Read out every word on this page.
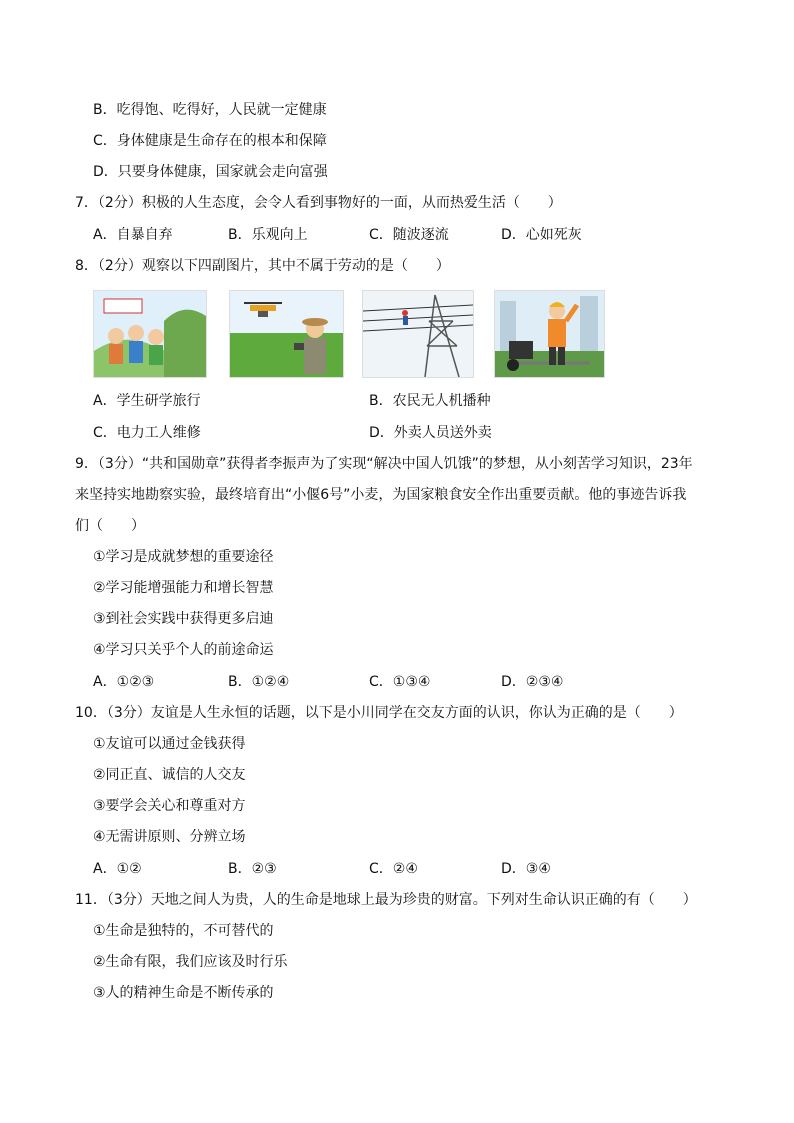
B．吃得饱、吃得好，人民就一定健康
C．身体健康是生命存在的根本和保障
D．只要身体健康，国家就会走向富强
7．（2分）积极的人生态度，会令人看到事物好的一面，从而热爱生活（　　）
A．自暴自弃	B．乐观向上	C．随波逐流	D．心如死灰
8．（2分）观察以下四副图片，其中不属于劳动的是（　　）
A．学生研学旅行	B．农民无人机播种
C．电力工人维修	D．外卖人员送外卖
9．（3分）“共和国勋章”获得者李振声为了实现“解决中国人饥饿”的梦想，从小刻苦学习知识，23年
来坚持实地勘察实验，最终培育出“小偃6号”小麦，为国家粮食安全作出重要贡献。他的事迹告诉我
们（　　）
①学习是成就梦想的重要途径
②学习能增强能力和增长智慧
③到社会实践中获得更多启迪
④学习只关乎个人的前途命运
A．①②③	B．①②④	C．①③④	D．②③④
10．（3分）友谊是人生永恒的话题，以下是小川同学在交友方面的认识，你认为正确的是（　　）
①友谊可以通过金钱获得
②同正直、诚信的人交友
③要学会关心和尊重对方
④无需讲原则、分辨立场
A．①②	B．②③	C．②④	D．③④
11．（3分）天地之间人为贵，人的生命是地球上最为珍贵的财富。下列对生命认识正确的有（　　）
①生命是独特的，不可替代的
②生命有限，我们应该及时行乐
③人的精神生命是不断传承的
